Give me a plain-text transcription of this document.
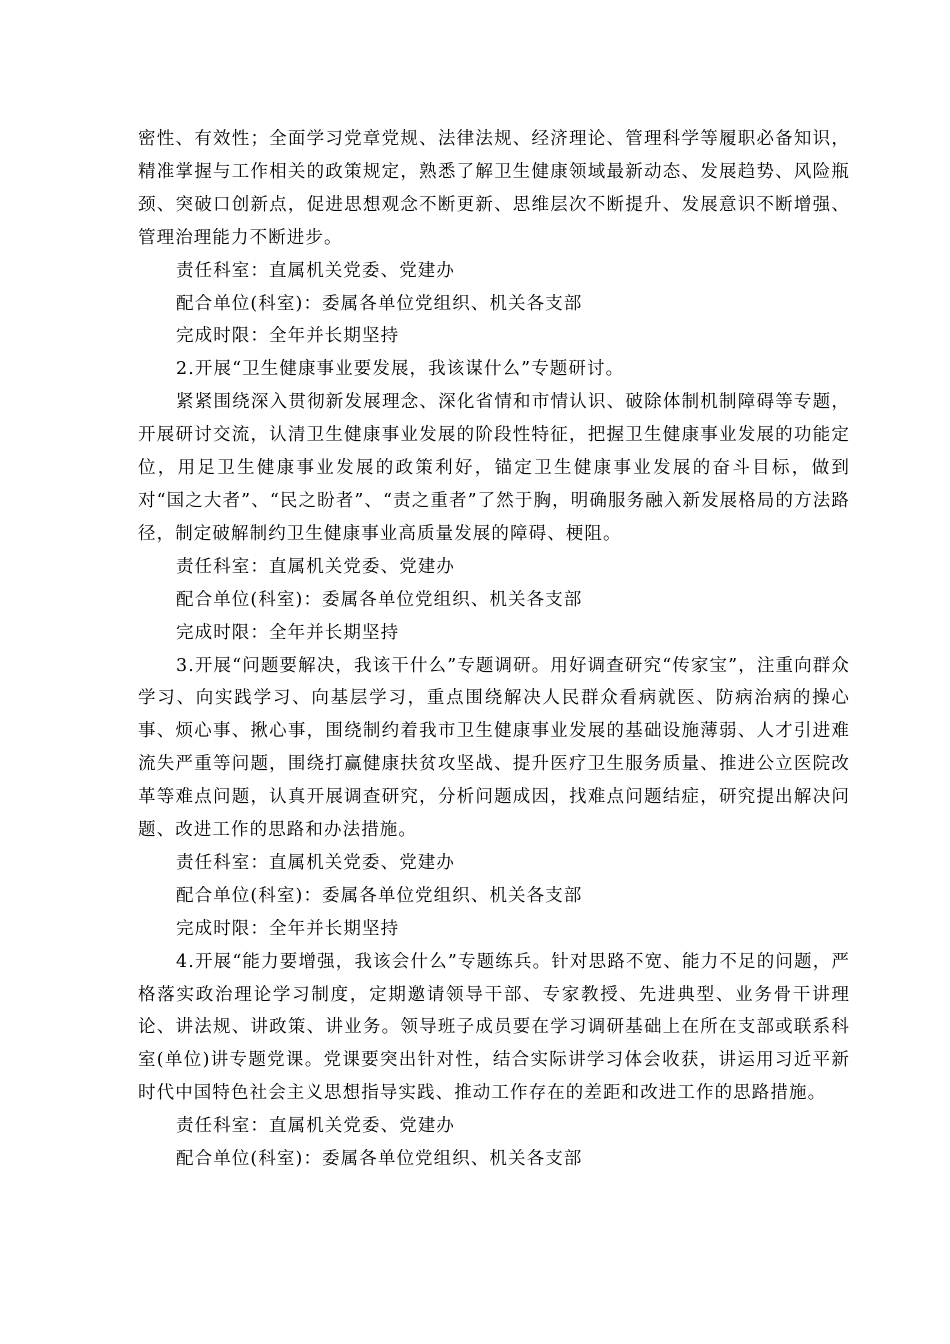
密性、有效性；全面学习党章党规、法律法规、经济理论、管理科学等履职必备知识，精准掌握与工作相关的政策规定，熟悉了解卫生健康领域最新动态、发展趋势、风险瓶颈、突破口创新点，促进思想观念不断更新、思维层次不断提升、发展意识不断增强、管理治理能力不断进步。

责任科室：直属机关党委、党建办

配合单位(科室)：委属各单位党组织、机关各支部

完成时限：全年并长期坚持

2.开展“卫生健康事业要发展，我该谋什么”专题研讨。

紧紧围绕深入贯彻新发展理念、深化省情和市情认识、破除体制机制障碍等专题，开展研讨交流，认清卫生健康事业发展的阶段性特征，把握卫生健康事业发展的功能定位，用足卫生健康事业发展的政策利好，锚定卫生健康事业发展的奋斗目标，做到对“国之大者”、“民之盼者”、“责之重者”了然于胸，明确服务融入新发展格局的方法路径，制定破解制约卫生健康事业高质量发展的障碍、梗阻。

责任科室：直属机关党委、党建办

配合单位(科室)：委属各单位党组织、机关各支部

完成时限：全年并长期坚持

3.开展“问题要解决，我该干什么”专题调研。用好调查研究“传家宝”，注重向群众学习、向实践学习、向基层学习，重点围绕解决人民群众看病就医、防病治病的操心事、烦心事、揪心事，围绕制约着我市卫生健康事业发展的基础设施薄弱、人才引进难流失严重等问题，围绕打赢健康扶贫攻坚战、提升医疗卫生服务质量、推进公立医院改革等难点问题，认真开展调查研究，分析问题成因，找难点问题结症，研究提出解决问题、改进工作的思路和办法措施。

责任科室：直属机关党委、党建办

配合单位(科室)：委属各单位党组织、机关各支部

完成时限：全年并长期坚持

4.开展“能力要增强，我该会什么”专题练兵。针对思路不宽、能力不足的问题，严格落实政治理论学习制度，定期邀请领导干部、专家教授、先进典型、业务骨干讲理论、讲法规、讲政策、讲业务。领导班子成员要在学习调研基础上在所在支部或联系科室(单位)讲专题党课。党课要突出针对性，结合实际讲学习体会收获，讲运用习近平新时代中国特色社会主义思想指导实践、推动工作存在的差距和改进工作的思路措施。

责任科室：直属机关党委、党建办

配合单位(科室)：委属各单位党组织、机关各支部
